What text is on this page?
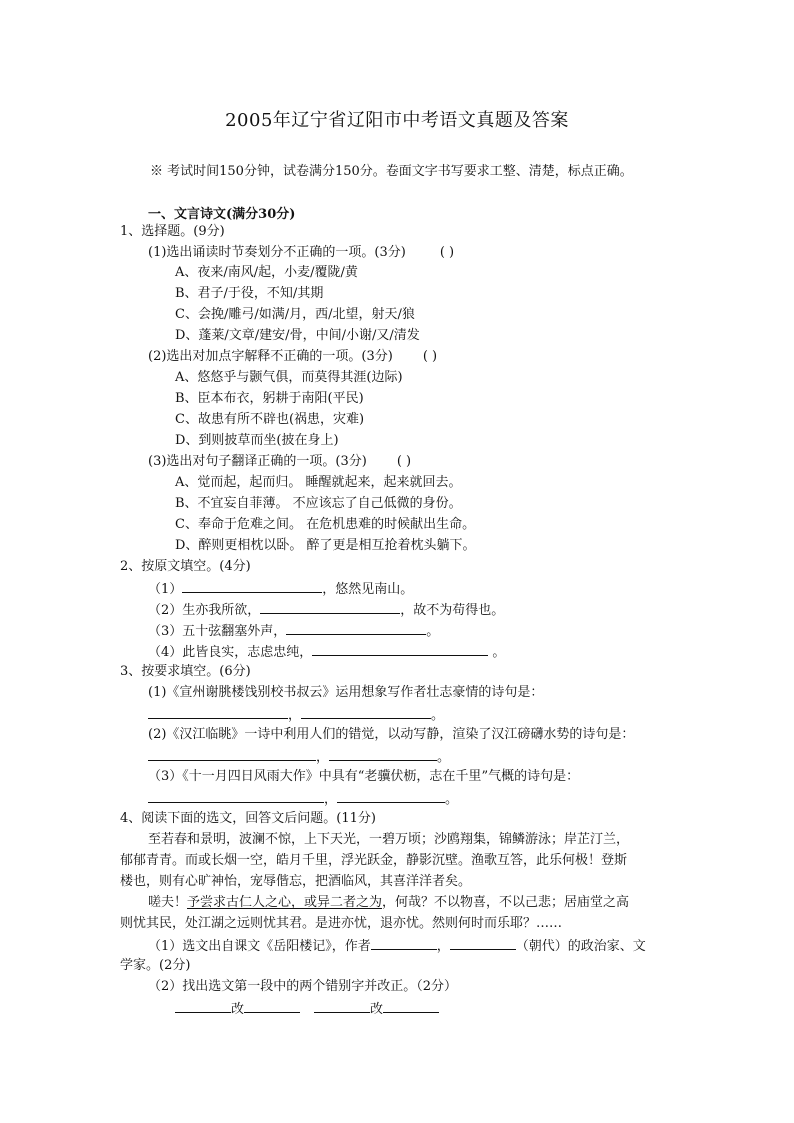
2005年辽宁省辽阳市中考语文真题及答案
※ 考试时间150分钟，试卷满分150分。卷面文字书写要求工整、清楚，标点正确。
一、文言诗文(满分30分)
1、选择题。(9分)
(1)选出诵读时节奏划分不正确的一项。(3分)	( )
A、夜来/南风/起，小麦/覆陇/黄
B、君子/于役，不知/其期
C、会挽/雕弓/如满/月，西/北望，射天/狼
D、蓬莱/文章/建安/骨，中间/小谢/又/清发
(2)选出对加点字解释不正确的一项。(3分) ( )
A、悠悠乎与颢气俱，而莫得其涯(边际)
B、臣本布衣，躬耕于南阳(平民)
C、故患有所不辟也(祸患，灾难)
D、到则披草而坐(披在身上)
(3)选出对句子翻译正确的一项。(3分) ( )
A、觉而起，起而归。 睡醒就起来，起来就回去。
B、不宜妄自菲薄。 不应该忘了自己低微的身份。
C、奉命于危难之间。 在危机患难的时候献出生命。
D、醉则更相枕以卧。 醉了更是相互抢着枕头躺下。
2、按原文填空。(4分)
（1）	，悠然见南山。
（2）生亦我所欲，	，故不为苟得也。
（3）五十弦翻塞外声，	。
（4）此皆良实，志虑忠纯，	。
3、按要求填空。(6分)
(1)《宣州谢朓楼饯别校书叔云》运用想象写作者壮志豪情的诗句是：
，	。
(2)《汉江临眺》一诗中利用人们的错觉，以动写静，渲染了汉江磅礴水势的诗句是：
，	。
（3）《十一月四日风雨大作》中具有“老骥伏枥，志在千里”气概的诗句是：
，	。
4、阅读下面的选文，回答文后问题。(11分)
至若春和景明，波澜不惊，上下天光，一碧万顷；沙鸥翔集，锦鳞游泳；岸芷汀兰，
郁郁青青。而或长烟一空，皓月千里，浮光跃金，静影沉壁。渔歌互答，此乐何极！登斯
楼也，则有心旷神怡，宠辱偕忘，把酒临风，其喜洋洋者矣。
嗟夫！予尝求古仁人之心，或异二者之为，何哉？不以物喜，不以己悲；居庙堂之高
则忧其民，处江湖之远则忧其君。是进亦忧，退亦忧。然则何时而乐耶？……
（1）选文出自课文《岳阳楼记》，作者	，	（朝代）的政治家、文
学家。(2分)
（2）找出选文第一段中的两个错别字并改正。（2分）
改	改
